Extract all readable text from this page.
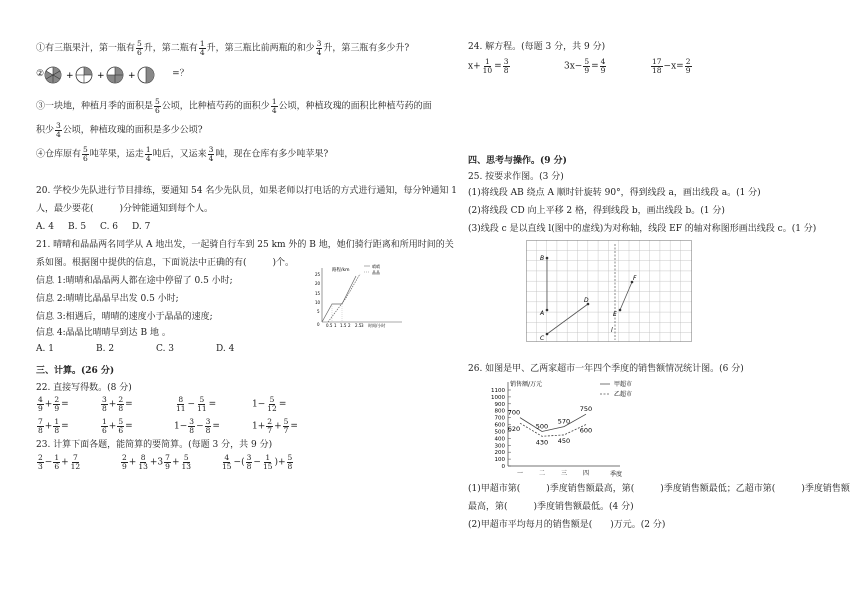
①有三瓶果汁，第一瓶有 $\frac{5}{6}$ 升，第二瓶有 $\frac{1}{4}$ 升，第三瓶比前两瓶的和少 $\frac{3}{4}$ 升，第三瓶有多少升?
② +	+	+	=？
③一块地，种植月季的面积是 $\frac{5}{6}$ 公顷，比种植芍药的面积少 $\frac{1}{4}$ 公顷，种植玫瑰的面积比种植芍药的面
积少 $\frac{3}{4}$ 公顷，种植玫瑰的面积是多少公顷?
④仓库原有 $\frac{5}{6}$ 吨苹果，运走 $\frac{1}{4}$ 吨后，又运来 $\frac{3}{4}$ 吨，现在仓库有多少吨苹果?
20. 学校少先队进行节目排练，要通知 54 名少先队员，如果老师以打电话的方式进行通知，每分钟通知 1
人，最少要花(	)分钟能通知到每个人。
A. 4 B. 5 C. 6 D. 7
21. 晴晴和晶晶两名同学从 A 地出发，一起骑自行车到 25 km 外的 B 地，她们骑行距离和所用时间的关
系如图。根据图中提供的信息，下面说法中正确的有(	)个。
信息 1:晴晴和晶晶两人都在途中停留了 0.5 小时;
信息 2:晴晴比晶晶早出发 0.5 小时;
信息 3:相遇后，晴晴的速度小于晶晶的速度;
信息 4:晶晶比晴晴早到达 B 地 。
A. 1	B. 2	C. 3	D. 4
路程/km
晴晴
晶晶
25
20
15
10
5
0 0.5 1 1.5 2 2.5 3 时间/小时
三、计算。(26 分)
22. 直接写得数。(8 分)
$\frac{4}{9} + \frac{2}{9}$ =	$\frac{3}{8} + \frac{2}{8}$ =	$\frac{8}{11} - \frac{5}{11}$ =	$1- \frac{5}{12}$ =
$\frac{7}{8} + \frac{1}{8}$ =	$\frac{1}{6} + \frac{5}{6}$ =	$1- \frac{3}{8} - \frac{3}{8}$ =	$1+ \frac{2}{7} + \frac{5}{7}$ =
23. 计算下面各题，能简算的要简算。(每题 3 分，共 9 分)
$\frac{2}{3} - \frac{1}{6} + \frac{7}{12}$	$\frac{2}{9} + \frac{8}{13} +3 \frac{7}{9} + \frac{5}{13}$	$\frac{4}{15}$ −( $\frac{3}{8} - \frac{1}{15}$ )+ $\frac{5}{8}$
24. 解方程。(每题 3 分，共 9 分)
$x+ \frac{1}{10} = \frac{3}{8}$	$3x- \frac{5}{9} = \frac{4}{9}$	$\frac{17}{18} -x= \frac{2}{9}$
四、思考与操作。(9 分)
25. 按要求作图。(3 分)
(1)将线段 AB 绕点 A 顺时针旋转 90°，得到线段 a，画出线段 a。(1 分)
(2)将线段 CD 向上平移 2 格，得到线段 b，画出线段 b。(1 分)
(3)线段 c 是以直线 l(图中的虚线)为对称轴，线段 EF 的轴对称图形画出线段 c。(1 分)
B
A
C
D
E
F
l
26. 如图是甲、乙两家超市一年四个季度的销售额情况统计图。(6 分)
销售额/万元
季度
甲超市
乙超市
1100
1000
900
800
700
600
500
400
300
200
100
0
一	二	三	四
700
500
570
750
620
430 450
600
(1)甲超市第(	)季度销售额最高，第(	)季度销售额最低；乙超市第(	)季度销售额
最高，第(	)季度销售额最低。(4 分)
(2)甲超市平均每月的销售额是( )万元。(2 分)
